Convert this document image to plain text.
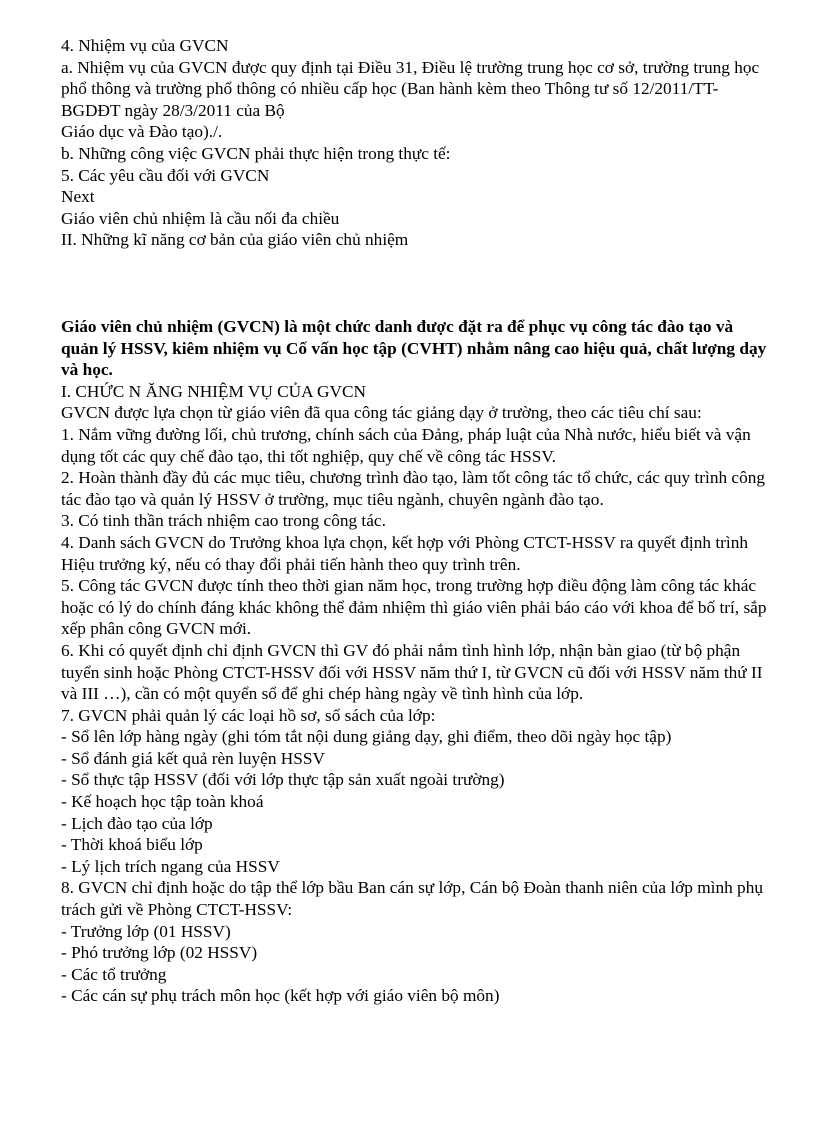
4. Nhiệm vụ của GVCN

a. Nhiệm vụ của GVCN được quy định tại Điều 31, Điều lệ trường trung học cơ sở, trường trung học phổ thông và trường phổ thông có nhiều cấp học (Ban hành kèm theo Thông tư số 12/2011/TT-BGDĐT ngày 28/3/2011 của Bộ

Giáo dục và Đào tạo)./.

b. Những công việc GVCN phải thực hiện trong thực tế:

5. Các yêu cầu đối với GVCN

Next

Giáo viên chủ nhiệm là cầu nối đa chiều

II. Những kĩ năng cơ bản của giáo viên chủ nhiệm

Giáo viên chủ nhiệm (GVCN) là một chức danh được đặt ra để phục vụ công tác đào tạo và quản lý HSSV, kiêm nhiệm vụ Cố vấn học tập (CVHT) nhằm nâng cao hiệu quả, chất lượng dạy và học.

I. CHỨC N ĂNG NHIỆM VỤ CỦA GVCN

GVCN được lựa chọn từ giáo viên đã qua công tác giảng dạy ở trường, theo các tiêu chí sau:

1. Nắm vững đường lối, chủ trương, chính sách của Đảng, pháp luật của Nhà nước, hiểu biết và vận dụng tốt các quy chế đào tạo, thi tốt nghiệp, quy chế về công tác HSSV.

2. Hoàn thành đầy đủ các mục tiêu, chương trình đào tạo, làm tốt công tác tổ chức, các quy trình công tác đào tạo và quản lý HSSV ở trường, mục tiêu ngành, chuyên ngành đào tạo.

3. Có tinh thần trách nhiệm cao trong công tác.

4. Danh sách GVCN do Trưởng khoa lựa chọn, kết hợp với Phòng CTCT-HSSV ra quyết định trình Hiệu trưởng ký, nếu có thay đổi phải tiến hành theo quy trình trên.

5. Công tác GVCN được tính theo thời gian năm học, trong trường hợp điều động làm công tác khác hoặc có lý do chính đáng khác không thể đảm nhiệm thì giáo viên phải báo cáo với khoa để bố trí, sắp xếp phân công GVCN mới.

6. Khi có quyết định chỉ định GVCN thì GV đó phải nắm tình hình lớp, nhận bàn giao (từ bộ phận tuyển sinh hoặc Phòng CTCT-HSSV đối với HSSV năm thứ I, từ GVCN cũ đối với HSSV năm thứ II và III …), cần có một quyển sổ để ghi chép hàng ngày về tình hình của lớp.

7. GVCN phải quản lý các loại hồ sơ, sổ sách của lớp:

- Sổ lên lớp hàng ngày (ghi tóm tắt nội dung giảng dạy, ghi điểm, theo dõi ngày học tập)

- Sổ đánh giá kết quả rèn luyện HSSV

- Sổ thực tập HSSV (đối với lớp thực tập sản xuất ngoài trường)

- Kế hoạch học tập toàn khoá

- Lịch đào tạo của lớp

- Thời khoá biểu lớp

- Lý lịch trích ngang của HSSV

8. GVCN chỉ định hoặc do tập thể lớp bầu Ban cán sự lớp, Cán bộ Đoàn thanh niên của lớp mình phụ trách gửi về Phòng CTCT-HSSV:

- Trưởng lớp (01 HSSV)

- Phó trưởng lớp (02 HSSV)

- Các tổ trưởng

- Các cán sự phụ trách môn học (kết hợp với giáo viên bộ môn)
